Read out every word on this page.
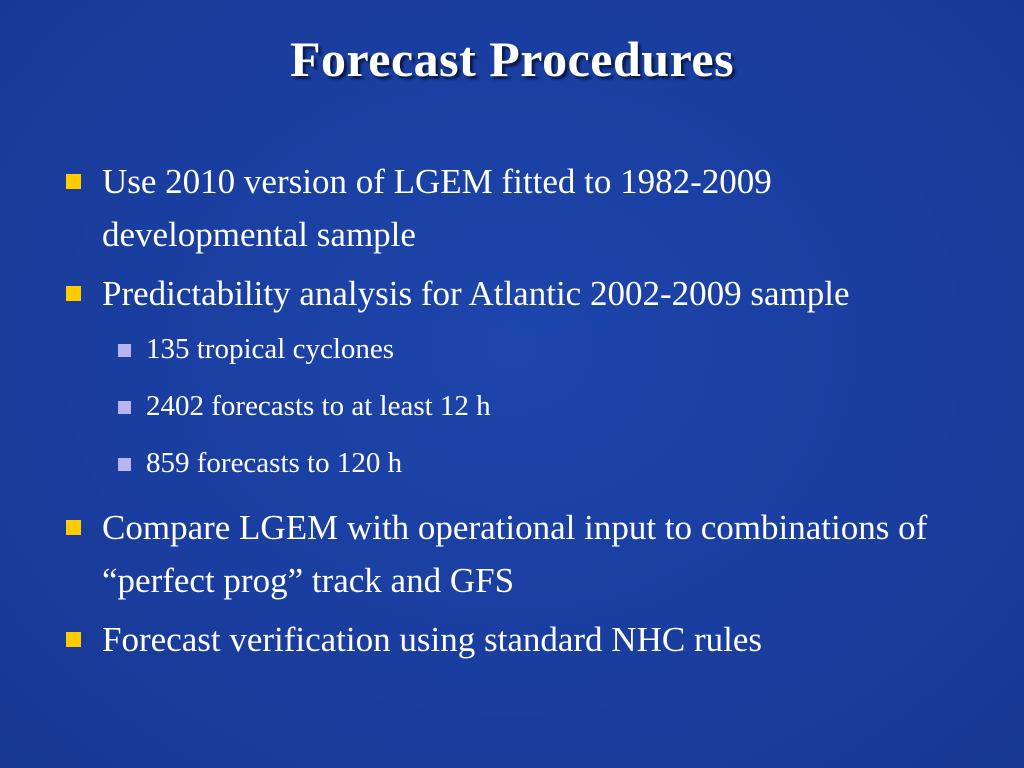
Forecast Procedures
Use 2010 version of LGEM fitted to 1982-2009 developmental sample
Predictability analysis for Atlantic 2002-2009 sample
135 tropical cyclones
2402 forecasts to at least 12 h
859 forecasts to 120 h
Compare LGEM with operational input to combinations of  “perfect prog” track and GFS
Forecast verification using standard NHC rules
